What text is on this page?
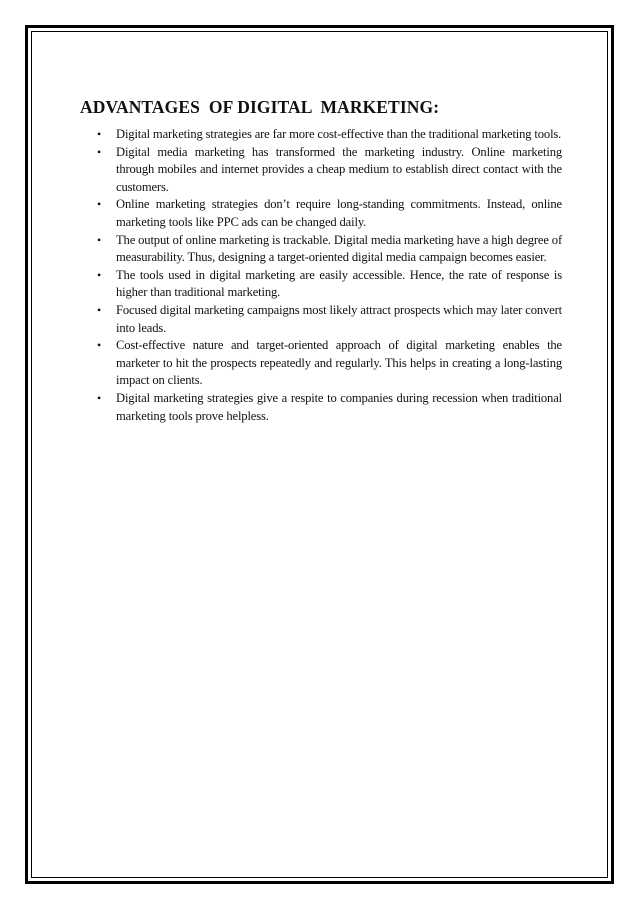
ADVANTAGES  OF DIGITAL  MARKETING:
• Digital marketing strategies are far more cost-effective than the traditional marketing tools.
• Digital media marketing has transformed the marketing industry. Online marketing through mobiles and internet provides a cheap medium to establish direct contact with the customers.
• Online marketing strategies don’t require long-standing commitments. Instead, online marketing tools like PPC ads can be changed daily.
• The output of online marketing is trackable. Digital media marketing have a high degree of measurability. Thus, designing a target-oriented digital media campaign becomes easier.
• The tools used in digital marketing are easily accessible. Hence, the rate of response is higher than traditional marketing.
• Focused digital marketing campaigns most likely attract prospects which may later convert into leads.
• Cost-effective nature and target-oriented approach of digital marketing enables the marketer to hit the prospects repeatedly and regularly. This helps in creating a long-lasting impact on clients.
• Digital marketing strategies give a respite to companies during recession when traditional marketing tools prove helpless.
